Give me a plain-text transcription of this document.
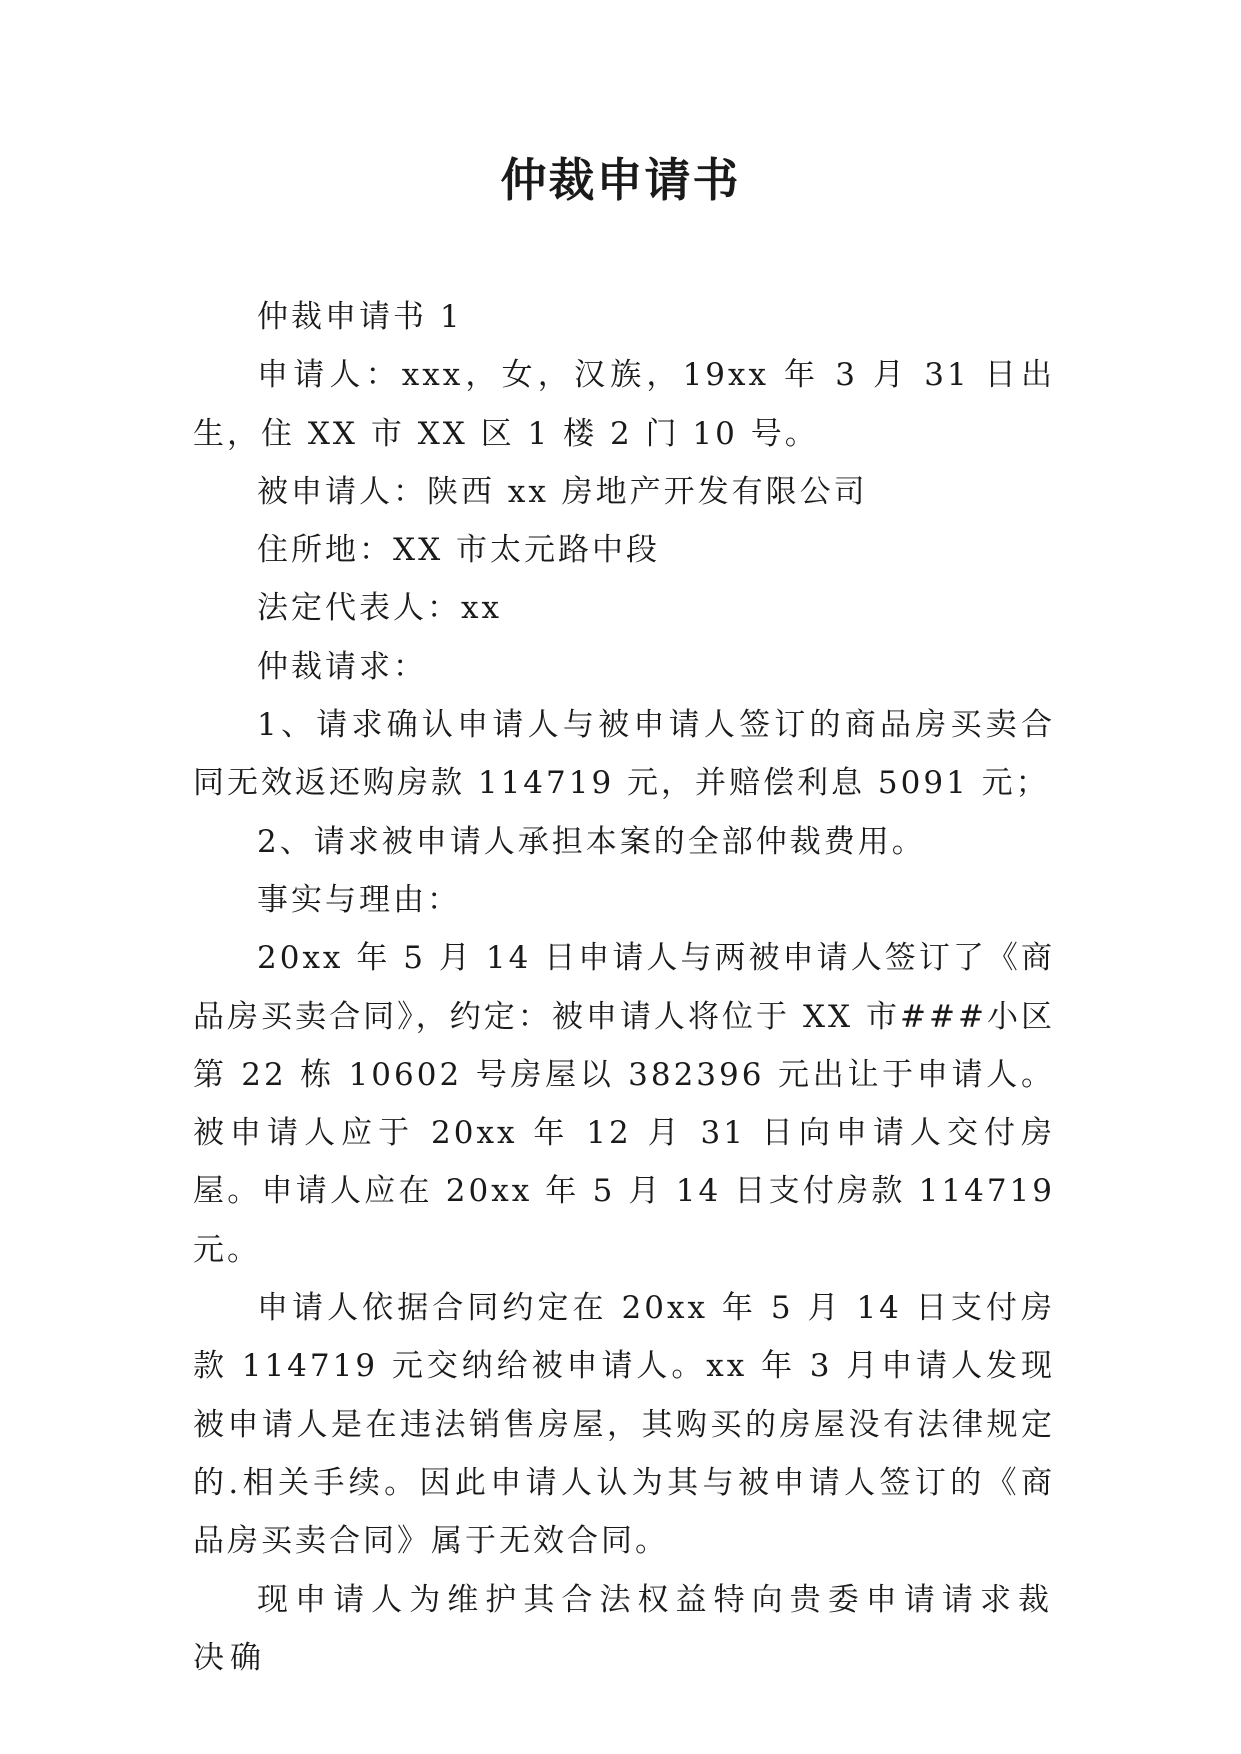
仲裁申请书

仲裁申请书 1

申请人：xxx，女，汉族，19xx 年 3 月 31 日出生，住 XX 市 XX 区 1 楼 2 门 10 号。

被申请人：陕西 xx 房地产开发有限公司

住所地：XX 市太元路中段

法定代表人：xx

仲裁请求：

1、请求确认申请人与被申请人签订的商品房买卖合同无效返还购房款 114719 元，并赔偿利息 5091 元；

2、请求被申请人承担本案的全部仲裁费用。

事实与理由：

20xx 年 5 月 14 日申请人与两被申请人签订了《商品房买卖合同》，约定：被申请人将位于 XX 市###小区第 22 栋 10602 号房屋以 382396 元出让于申请人。被申请人应于 20xx 年 12 月 31 日向申请人交付房屋。申请人应在 20xx 年 5 月 14 日支付房款 114719 元。

申请人依据合同约定在 20xx 年 5 月 14 日支付房款 114719 元交纳给被申请人。xx 年 3 月申请人发现被申请人是在违法销售房屋，其购买的房屋没有法律规定的.相关手续。因此申请人认为其与被申请人签订的《商品房买卖合同》属于无效合同。

现申请人为维护其合法权益特向贵委申请请求裁决确
